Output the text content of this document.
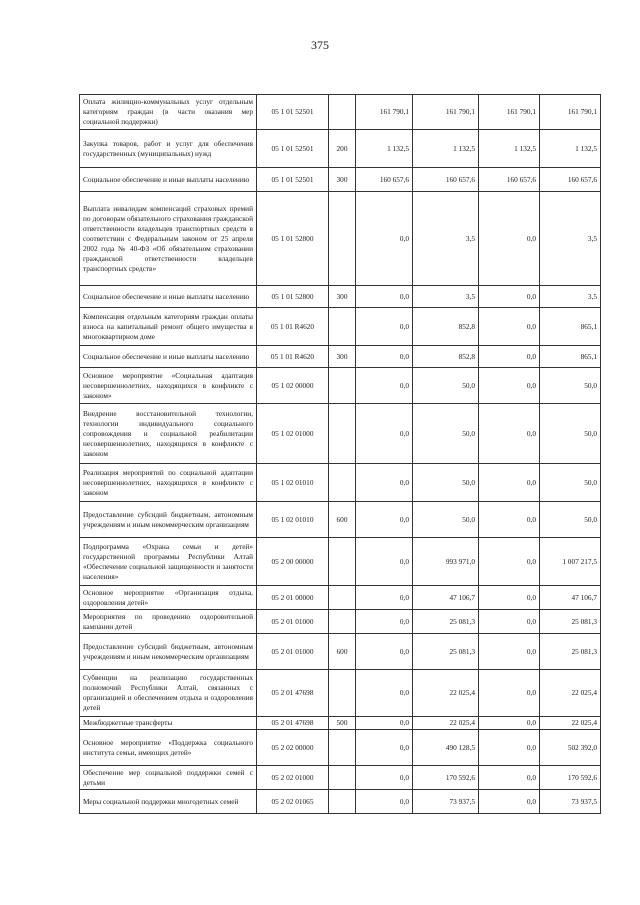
375
Оплата жилищно-коммунальных услуг отдельным категориям граждан (в части оказания мер социальной поддержки)	05 1 01 52501		161 790,1	161 790,1	161 790,1	161 790,1
Закупка товаров, работ и услуг для обеспечения государственных (муниципальных) нужд	05 1 01 52501	200	1 132,5	1 132,5	1 132,5	1 132,5
Социальное обеспечение и иные выплаты населению	05 1 01 52501	300	160 657,6	160 657,6	160 657,6	160 657,6
Выплата инвалидам компенсаций страховых премий по договорам обязательного страхования гражданской ответственности владельцев транспортных средств в соответствии с Федеральным законом от 25 апреля 2002 года № 40-ФЗ «Об обязательном страховании гражданской ответственности владельцев транспортных средств»	05 1 01 52800		0,0	3,5	0,0	3,5
Социальное обеспечение и иные выплаты населению	05 1 01 52800	300	0,0	3,5	0,0	3,5
Компенсация отдельным категориям граждан оплаты взноса на капитальный ремонт общего имущества в многоквартирном доме	05 1 01 R4620		0,0	852,8	0,0	865,1
Социальное обеспечение и иные выплаты населению	05 1 01 R4620	300	0,0	852,8	0,0	865,1
Основное мероприятие «Социальная адаптация несовершеннолетних, находящихся в конфликте с законом»	05 1 02 00000		0,0	50,0	0,0	50,0
Внедрение восстановительной технологии, технологии индивидуального социального сопровождения и социальной реабилитации несовершеннолетних, находящихся в конфликте с законом	05 1 02 01000		0,0	50,0	0,0	50,0
Реализация мероприятий по социальной адаптации несовершеннолетних, находящихся в конфликте с законом	05 1 02 01010		0,0	50,0	0,0	50,0
Предоставление субсидий бюджетным, автономным учреждениям и иным некоммерческим организациям	05 1 02 01010	600	0,0	50,0	0,0	50,0
Подпрограмма «Охрана семьи и детей» государственной программы Республики Алтай «Обеспечение социальной защищенности и занятости населения»	05 2 00 00000		0,0	993 971,0	0,0	1 007 217,5
Основное мероприятие «Организация отдыха, оздоровления детей»	05 2 01 00000		0,0	47 106,7	0,0	47 106,7
Мероприятия по проведению оздоровительной кампании детей	05 2 01 01000		0,0	25 081,3	0,0	25 081,3
Предоставление субсидий бюджетным, автономным учреждениям и иным некоммерческим организациям	05 2 01 01000	600	0,0	25 081,3	0,0	25 081,3
Субвенции на реализацию государственных полномочий Республики Алтай, связанных с организацией и обеспечением отдыха и оздоровления детей	05 2 01 47698		0,0	22 025,4	0,0	22 025,4
Межбюджетные трансферты	05 2 01 47698	500	0,0	22 025,4	0,0	22 025,4
Основное мероприятие «Поддержка социального института семьи, имеющих детей»	05 2 02 00000		0,0	490 128,5	0,0	502 392,0
Обеспечение мер социальной поддержки семей с детьми	05 2 02 01000		0,0	170 592,6	0,0	170 592,6
Меры социальной поддержки многодетных семей	05 2 02 01065		0,0	73 937,5	0,0	73 937,5
